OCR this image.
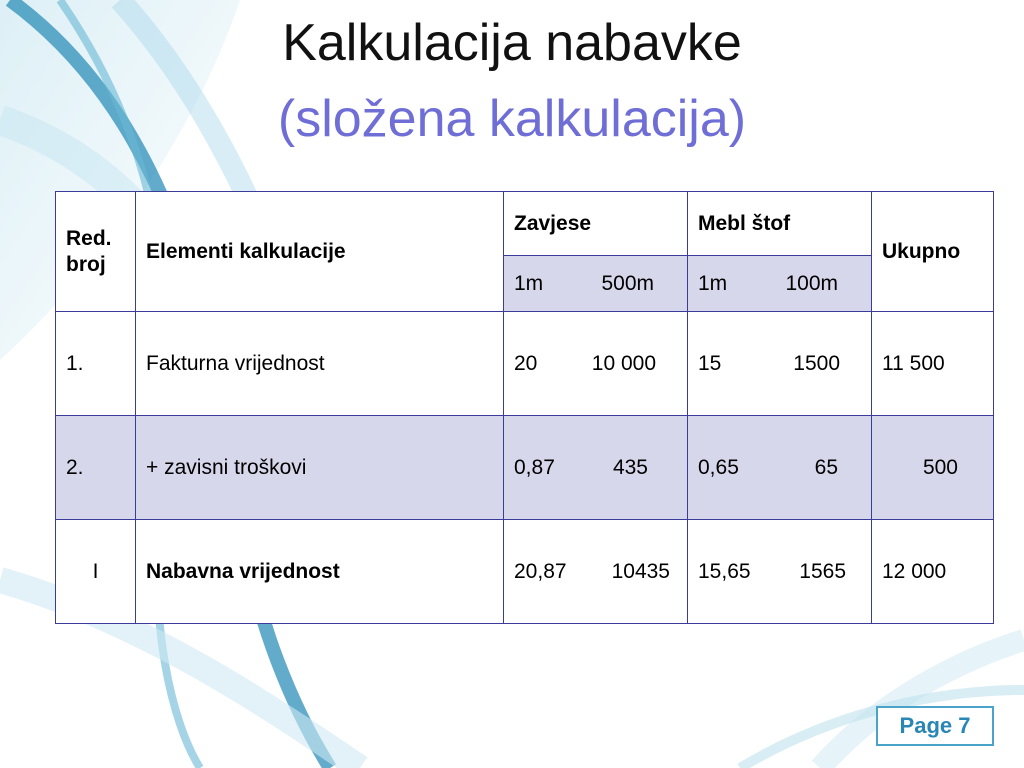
Kalkulacija nabavke
(složena kalkulacija)
Red. broj	Elementi kalkulacije	Zavjese	Mebl štof	Ukupno

		1m 500m	1m 100m	

1.	Fakturna vrijednost	20 10 000	15 1500	11 500
2.	+ zavisni troškovi	0,87 435	0,65 65	500

I	Nabavna vrijednost	20,87 10435	15,65 1565	12 000
Page 7
